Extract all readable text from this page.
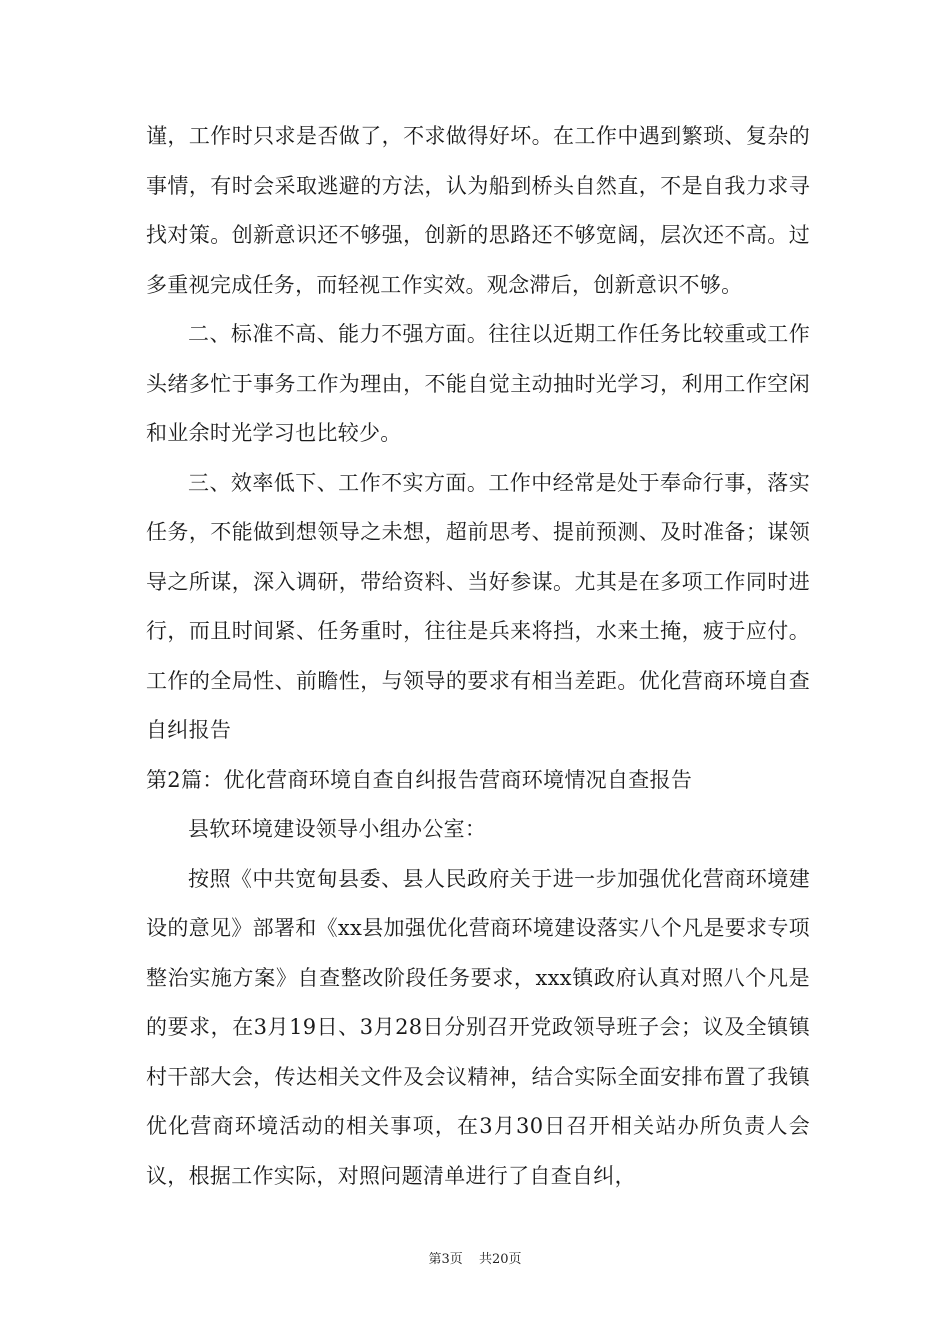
谨，工作时只求是否做了，不求做得好坏。在工作中遇到繁琐、复杂的事情，有时会采取逃避的方法，认为船到桥头自然直，不是自我力求寻找对策。创新意识还不够强，创新的思路还不够宽阔，层次还不高。过多重视完成任务，而轻视工作实效。观念滞后，创新意识不够。

二、标准不高、能力不强方面。往往以近期工作任务比较重或工作头绪多忙于事务工作为理由，不能自觉主动抽时光学习，利用工作空闲和业余时光学习也比较少。

三、效率低下、工作不实方面。工作中经常是处于奉命行事，落实任务，不能做到想领导之未想，超前思考、提前预测、及时准备；谋领导之所谋，深入调研，带给资料、当好参谋。尤其是在多项工作同时进行，而且时间紧、任务重时，往往是兵来将挡，水来土掩，疲于应付。工作的全局性、前瞻性，与领导的要求有相当差距。优化营商环境自查自纠报告

第2篇：优化营商环境自查自纠报告营商环境情况自查报告

县软环境建设领导小组办公室：

按照《中共宽甸县委、县人民政府关于进一步加强优化营商环境建设的意见》部署和《xx县加强优化营商环境建设落实八个凡是要求专项整治实施方案》自查整改阶段任务要求，xxx镇政府认真对照八个凡是的要求，在3月19日、3月28日分别召开党政领导班子会；议及全镇镇村干部大会，传达相关文件及会议精神，结合实际全面安排布置了我镇优化营商环境活动的相关事项，在3月30日召开相关站办所负责人会议，根据工作实际，对照问题清单进行了自查自纠，

第3页 共20页
